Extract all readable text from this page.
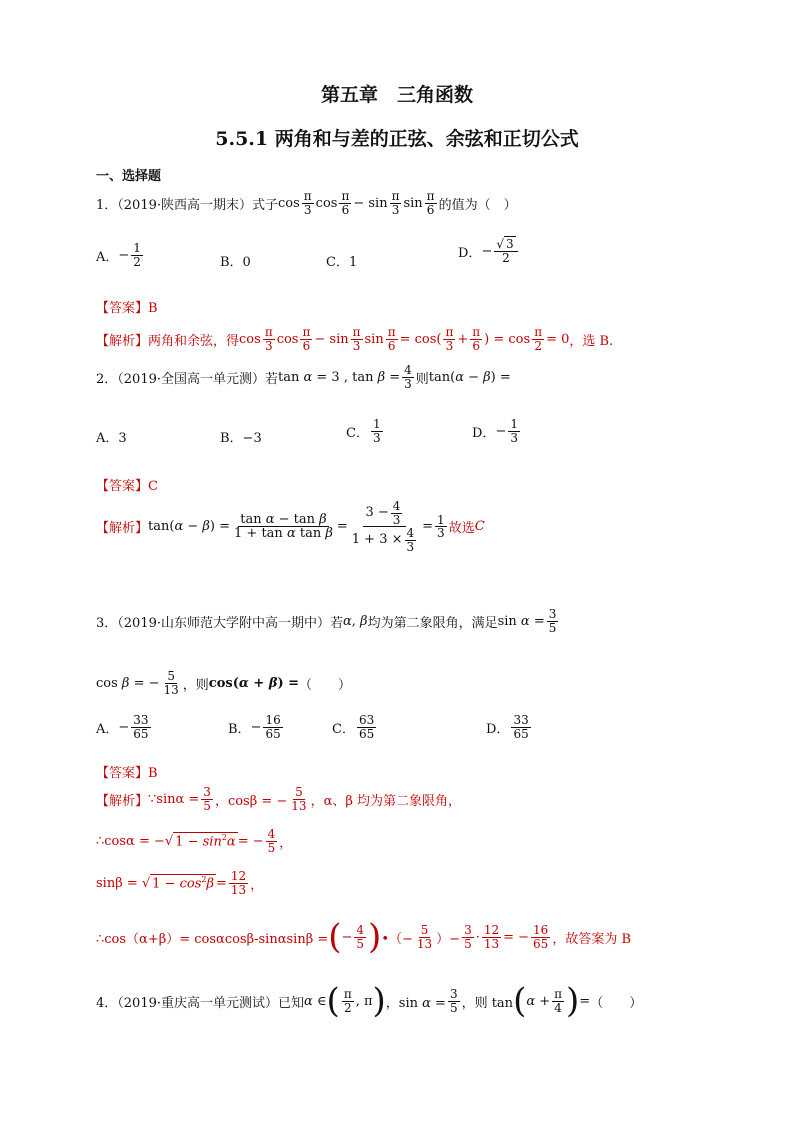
第五章　三角函数
5.5.1 两角和与差的正弦、余弦和正切公式
一、选择题
1．（2019·陕西高一期末）式子 $\cos \frac{\pi}{3}$ $\cos \frac{\pi}{6} - \sin \frac{\pi}{3}$ $\sin \frac{\pi}{6}$ 的值为（　）
A． − $\frac{1}{2}$	B．0	C．1
D． − $\frac{√ 3}{2}$
【答案】B
【解析】 两角和余弦，得 $\cos \frac{\pi}{3}$ $\cos \frac{\pi}{6} - \sin \frac{\pi}{3}$ $\sin \frac{\pi}{6} = \cos( \frac{\pi}{3} + \frac{\pi}{6}$ ) = $\cos \frac{\pi}{2} = 0$ ，选 B.
2．（2019·全国高一单元测）若 tan α = 3 , $\tan \beta = \frac{4}{3}$ 则 tan(α − β) =
A．3	B．−3	C． $\frac{1}{3}$	D． − $\frac{1}{3}$
【答案】C
【解析】 $\tan(\alpha - \beta) = \frac{\text{tan α − tan β}}{\text{1 + tan α tan β}} = \frac{3 - \frac{4}{3}}{1 + 3 \times \frac{4}{3}} = \frac{1}{3}$ 故选 C
3．（2019·山东师范大学附中高一期中）若 α, β 均为第二象限角，满足 $\sin \alpha = \frac{3}{5}$
cos β = − $\frac{5}{13}$ ，则 cos(α + β) = （　　）
A． − $\frac{33}{65}$	B． − $\frac{16}{65}$	C． $\frac{63}{65}$	D． $\frac{33}{65}$
【答案】B
【解析】 ∵sinα = $\frac{3}{5}$ ，cosβ = − $\frac{5}{13}$ ， α、β 均为第二象限角，
∴cosα = −√ $1 - \sin^2\alpha$ = − $\frac{4}{5}$ ，
sinβ = √ $1 - \cos^2\beta = \frac{12}{13}$ ，
∴cos（α+β）= cosαcosβ-sinαsinβ = ( − $\frac{4}{5}$ ) •（− $\frac{5}{13}$ ）− $\frac{3}{5} \cdot \frac{12}{13}$ = − $\frac{16}{65}$ ，故答案为 B
4．（2019·重庆高一单元测试）已知 α ∈ ( $\frac{\pi}{2}$ , π ) ，$\sin \alpha = \frac{3}{5}$ ，则 tan ( $\alpha + \frac{\pi}{4}$ ) = （　　）
